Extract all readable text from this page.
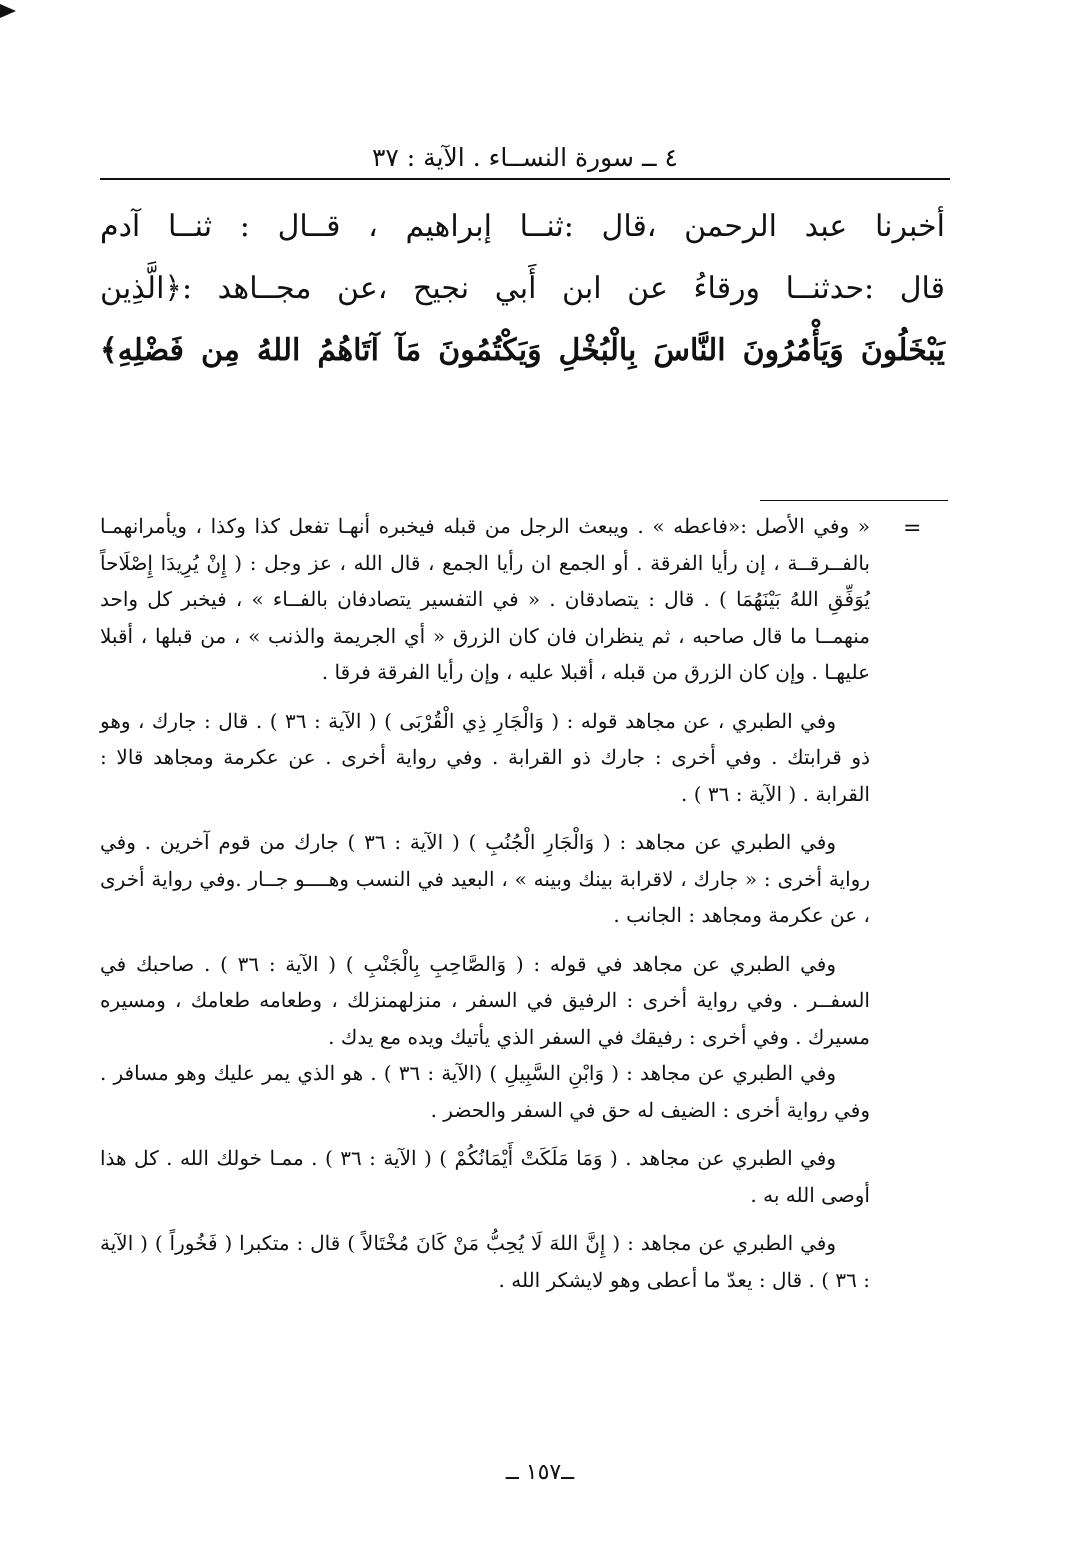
٤ ــ سورة النســاء . الآية : ٣٧
أخبرنا عبد الرحمن ،قال :ثنــا إبراهيم ، قــال : ثنــا آدم
قال :حدثنــا ورقاءُ عن ابن أَبي نجيح ،عن مجــاهد :﴿الَّذِين
يَبْخَلُونَ وَيَأْمُرُونَ النَّاسَ بِالْبُخْلِ وَيَكْتُمُونَ مَآ آتَاهُمُ اللهُ مِن فَضْلِهِ﴾
=

« وفي الأصل :«فاعطه » . ويبعث الرجل من قبله فيخبره أنهـا تفعل كذا وكذا ، ويأمرانهمـا بالفــرقــة ، إن رأيا الفرقة . أو الجمع ان رأيا الجمع ، قال الله ، عز وجل : ( إِنْ يُرِيدَا إِصْلَاحاً يُوَفِّقِ اللهُ بَيْنَهُمَا ) . قال : يتصادقان . « في التفسير يتصادفان بالفــاء » ، فيخبر كل واحد منهمــا ما قال صاحبه ، ثم ينظران فان كان الزرق « أي الجريمة والذنب » ، من قبلها ، أقبلا عليهـا . وإن كان الزرق من قبله ، أقبلا عليه ، وإن رأيا الفرقة فرقا .

وفي الطبري ، عن مجاهد قوله : ( وَالْجَارِ ذِي الْقُرْبَى ) ( الآية : ٣٦ ) . قال : جارك ، وهو ذو قرابتك . وفي أخرى : جارك ذو القرابة . وفي رواية أخرى . عن عكرمة ومجاهد قالا : القرابة . ( الآية : ٣٦ ) .

وفي الطبري عن مجاهد : ( وَالْجَارِ الْجُنُبِ ) ( الآية : ٣٦ ) جارك من قوم آخرين . وفي رواية أخرى : « جارك ، لاقرابة بينك وبينه » ، البعيد في النسب وهــــو جــار .وفي رواية أخرى ، عن عكرمة ومجاهد : الجانب .

وفي الطبري عن مجاهد في قوله : ( وَالصَّاحِبِ بِالْجَنْبِ ) ( الآية : ٣٦ ) . صاحبك في السفــر . وفي رواية أخرى : الرفيق في السفر ، منزلهمنزلك ، وطعامه طعامك ، ومسيره مسيرك . وفي أخرى : رفيقك في السفر الذي يأتيك ويده مع يدك .

وفي الطبري عن مجاهد : ( وَابْنِ السَّبِيلِ ) (الآية : ٣٦ ) . هو الذي يمر عليك وهو مسافر . وفي رواية أخرى : الضيف له حق في السفر والحضر .

وفي الطبري عن مجاهد . ( وَمَا مَلَكَتْ أَيْمَانُكُمْ ) ( الآية : ٣٦ ) . ممـا خولك الله . كل هذا أوصى الله به .

وفي الطبري عن مجاهد : ( إِنَّ اللهَ لَا يُحِبُّ مَنْ كَانَ مُخْتَالاً ) قال : متكبرا ( فَخُوراً ) ( الآية : ٣٦ ) . قال : يعدّ ما أعطى وهو لايشكر الله .

ــ١٥٧ ــ
